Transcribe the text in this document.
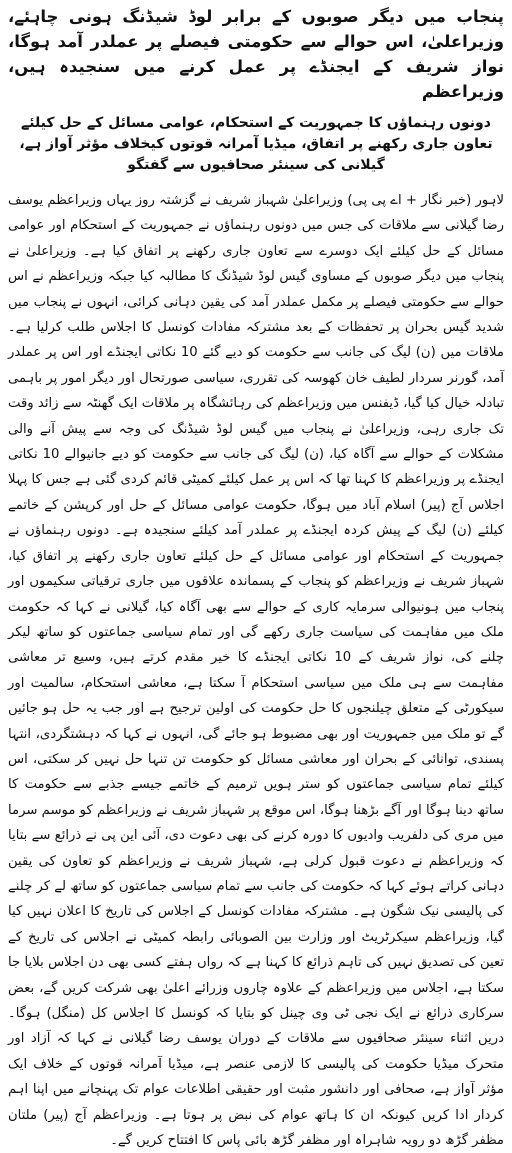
پنجاب میں دیگر صوبوں کے برابر لوڈ شیڈنگ ہونی چاہئے، وزیراعلیٰ، اس حوالے سے حکومتی فیصلے پر عملدر آمد ہوگا، نواز شریف کے ایجنڈے پر عمل کرنے میں سنجیدہ ہیں، وزیراعظم
دونوں رہنماؤں کا جمہوریت کے استحکام، عوامی مسائل کے حل کیلئے تعاون جاری رکھنے پر اتفاق، میڈیا آمرانہ قوتوں کیخلاف مؤثر آواز ہے، گیلانی کی سینئر صحافیوں سے گفتگو

لاہور (خبر نگار + اے پی پی) وزیراعلیٰ شہباز شریف نے گزشتہ روز یہاں وزیراعظم یوسف رضا گیلانی سے ملاقات کی جس میں دونوں رہنماؤں نے جمہوریت کے استحکام اور عوامی مسائل کے حل کیلئے ایک دوسرے سے تعاون جاری رکھنے پر اتفاق کیا ہے۔ وزیراعلیٰ نے پنجاب میں دیگر صوبوں کے مساوی گیس لوڈ شیڈنگ کا مطالبہ کیا جبکہ وزیراعظم نے اس حوالے سے حکومتی فیصلے پر مکمل عملدر آمد کی یقین دہانی کرائی، انہوں نے پنجاب میں شدید گیس بحران پر تحفظات کے بعد مشترکہ مفادات کونسل کا اجلاس طلب کرلیا ہے۔ ملاقات میں (ن) لیگ کی جانب سے حکومت کو دیے گئے 10 نکاتی ایجنڈے اور اس پر عملدر آمد، گورنر سردار لطیف خان کھوسہ کی تقرری، سیاسی صورتحال اور دیگر امور پر باہمی تبادلہ خیال کیا گیا، ڈیفنس میں وزیراعظم کی رہائشگاہ پر ملاقات ایک گھنٹہ سے زائد وقت تک جاری رہی، وزیراعلیٰ نے پنجاب میں گیس لوڈ شیڈنگ کی وجہ سے پیش آنے والی مشکلات کے حوالے سے آگاہ کیا، (ن) لیگ کی جانب سے حکومت کو دیے جانیوالے 10 نکاتی ایجنڈے پر وزیراعظم کا کہنا تھا کہ اس پر عمل کیلئے کمیٹی قائم کردی گئی ہے جس کا پہلا اجلاس آج (پیر) اسلام آباد میں ہوگا، حکومت عوامی مسائل کے حل اور کرپشن کے خاتمے کیلئے (ن) لیگ کے پیش کردہ ایجنڈے پر عملدر آمد کیلئے سنجیدہ ہے۔ دونوں رہنماؤں نے جمہوریت کے استحکام اور عوامی مسائل کے حل کیلئے تعاون جاری رکھنے پر اتفاق کیا، شہباز شریف نے وزیراعظم کو پنجاب کے پسماندہ علاقوں میں جاری ترقیاتی سکیموں اور پنجاب میں ہونیوالی سرمایہ کاری کے حوالے سے بھی آگاہ کیا، گیلانی نے کہا کہ حکومت ملک میں مفاہمت کی سیاست جاری رکھے گی اور تمام سیاسی جماعتوں کو ساتھ لیکر چلنے کی، نواز شریف کے 10 نکاتی ایجنڈے کا خیر مقدم کرتے ہیں، وسیع تر معاشی مفاہمت سے ہی ملک میں سیاسی استحکام آ سکتا ہے، معاشی استحکام، سالمیت اور سیکورٹی کے متعلق چیلنجوں کا حل حکومت کی اولین ترجیح ہے اور جب یہ حل ہو جائیں گے تو ملک میں جمہوریت اور بھی مضبوط ہو جائے گی، انہوں نے کہا کہ دہشتگردی، انتہا پسندی، توانائی کے بحران اور معاشی مسائل کو حکومت تن تنہا حل نہیں کر سکتی، اس کیلئے تمام سیاسی جماعتوں کو ستر ہویں ترمیم کے خاتمے جیسے جذبے سے حکومت کا ساتھ دینا ہوگا اور آگے بڑھنا ہوگا، اس موقع پر شہباز شریف نے وزیراعظم کو موسم سرما میں مری کی دلفریب وادیوں کا دورہ کرنے کی بھی دعوت دی، آئی این پی نے ذرائع سے بتایا کہ وزیراعظم نے دعوت قبول کرلی ہے، شہباز شریف نے وزیراعظم کو تعاون کی یقین دہانی کراتے ہوئے کہا کہ حکومت کی جانب سے تمام سیاسی جماعتوں کو ساتھ لے کر چلنے کی پالیسی نیک شگون ہے۔ مشترکہ مفادات کونسل کے اجلاس کی تاریخ کا اعلان نہیں کیا گیا، وزیراعظم سیکرٹریٹ اور وزارت بین الصوبائی رابطہ کمیٹی نے اجلاس کی تاریخ کے تعین کی تصدیق نہیں کی تاہم ذرائع کا کہنا ہے کہ رواں ہفتے کسی بھی دن اجلاس بلایا جا سکتا ہے، اجلاس میں وزیراعظم کے علاوہ چاروں وزرائے اعلیٰ بھی شرکت کریں گے، بعض سرکاری ذرائع نے ایک نجی ٹی وی چینل کو بتایا کہ کونسل کا اجلاس کل (منگل) ہوگا۔ دریں اثناء سینئر صحافیوں سے ملاقات کے دوران یوسف رضا گیلانی نے کہا کہ آزاد اور متحرک میڈیا حکومت کی پالیسی کا لازمی عنصر ہے، میڈیا آمرانہ قوتوں کے خلاف ایک مؤثر آواز ہے، صحافی اور دانشور مثبت اور حقیقی اطلاعات عوام تک پہنچانے میں اپنا اہم کردار ادا کریں کیونکہ ان کا ہاتھ عوام کی نبض پر ہوتا ہے۔ وزیراعظم آج (پیر) ملتان مظفر گڑھ دو رویہ شاہراہ اور مظفر گڑھ بائی پاس کا افتتاح کریں گے۔
